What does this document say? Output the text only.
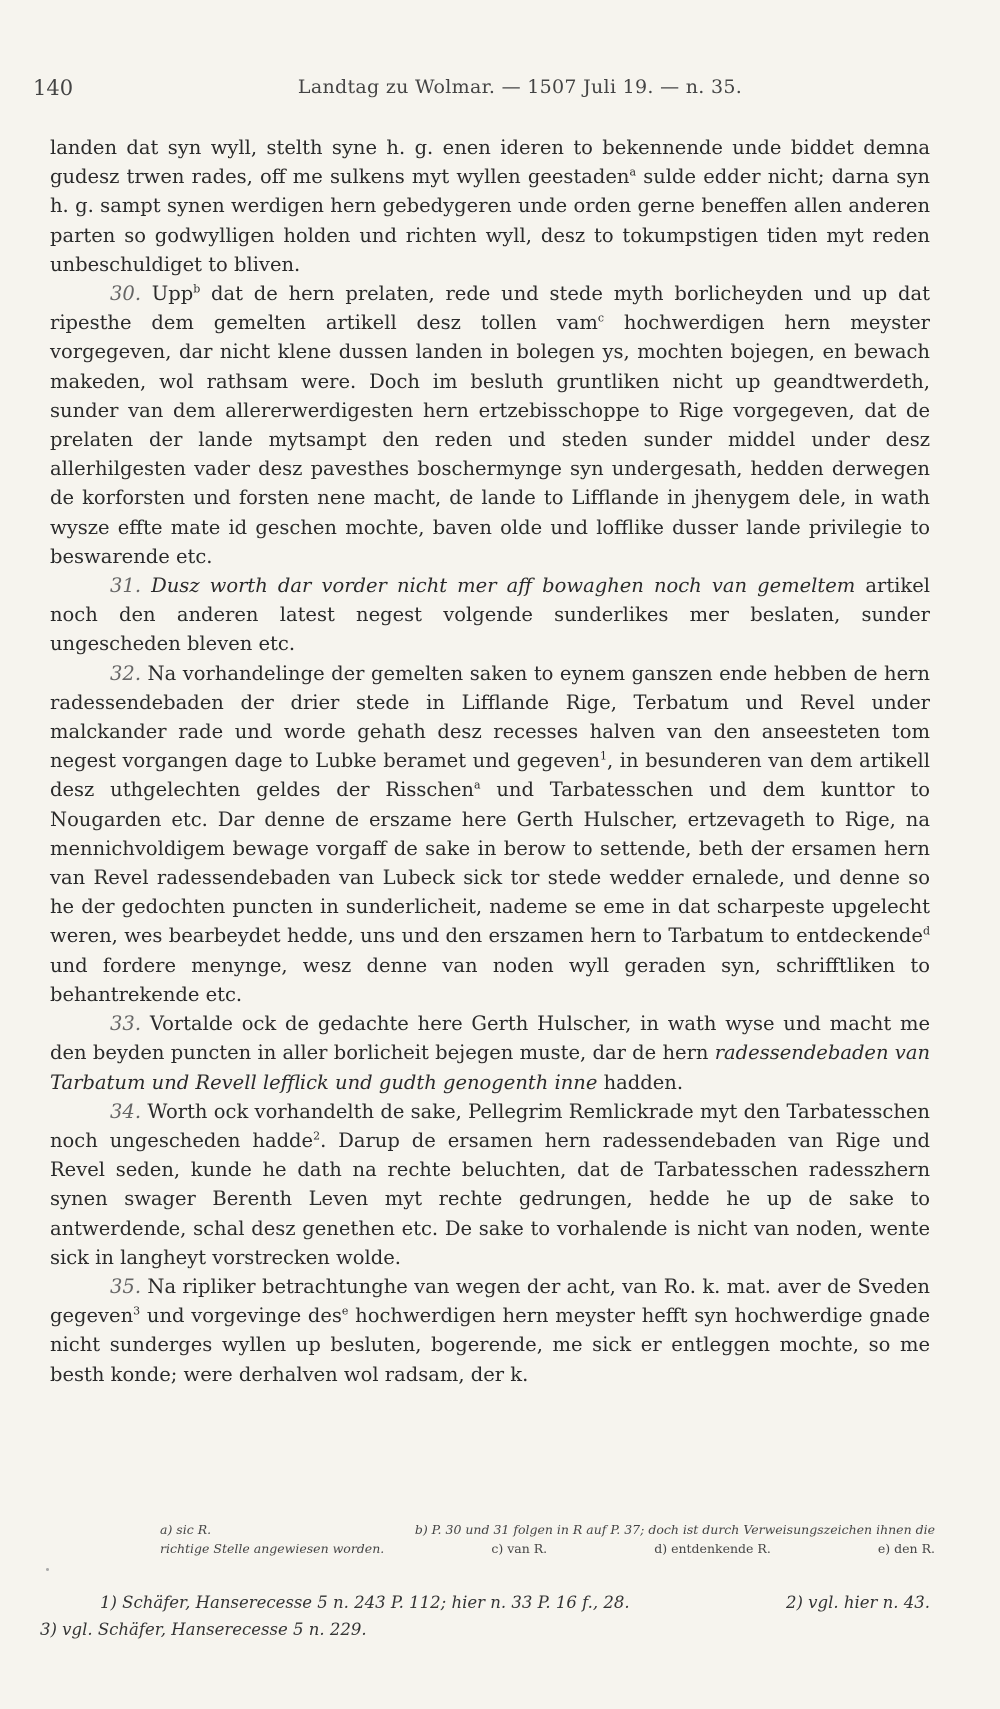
140	Landtag zu Wolmar. — 1507 Juli 19. — n. 35.

landen dat syn wyll, stelth syne h. g. enen ideren to bekennende unde biddet demna gudesz trwen rades, off me sulkens myt wyllen geestaden$^a$ sulde edder nicht; darna syn h. g. sampt synen werdigen hern gebedygeren unde orden gerne beneffen allen anderen parten so godwylligen holden und richten wyll, desz to tokumpstigen tiden myt reden unbeschuldiget to bliven.

30. Upp$^b$ dat de hern prelaten, rede und stede myth borlicheyden und up dat ripesthe dem gemelten artikell desz tollen vam$^c$ hochwerdigen hern meyster vorgegeven, dar nicht klene dussen landen in bolegen ys, mochten bojegen, en bewach makeden, wol rathsam were. Doch im besluth gruntliken nicht up geandtwerdeth, sunder van dem allererwerdigesten hern ertzebisschoppe to Rige vorgegeven, dat de prelaten der lande mytsampt den reden und steden sunder middel under desz allerhilgesten vader desz pavesthes boschermynge syn undergesath, hedden derwegen de korforsten und forsten nene macht, de lande to Lifflande in jhenygem dele, in wath wysze effte mate id geschen mochte, baven olde und lofflike dusser lande privilegie to beswarende etc.

31. Dusz worth dar vorder nicht mer aff bowaghen noch van gemeltem artikel noch den anderen latest negest volgende sunderlikes mer beslaten, sunder ungescheden bleven etc.

32. Na vorhandelinge der gemelten saken to eynem ganszen ende hebben de hern radessendebaden der drier stede in Lifflande Rige, Terbatum und Revel under malckander rade und worde gehath desz recesses halven van den anseesteten tom negest vorgangen dage to Lubke beramet und gegeven$^1$, in besunderen van dem artikell desz uthgelechten geldes der Risschen$^a$ und Tarbatesschen und dem kunttor to Nougarden etc. Dar denne de erszame here Gerth Hulscher, ertzevageth to Rige, na mennichvoldigem bewage vorgaff de sake in berow to settende, beth der ersamen hern van Revel radessendebaden van Lubeck sick tor stede wedder ernalede, und denne so he der gedochten puncten in sunderlicheit, nademe se eme in dat scharpeste upgelecht weren, wes bearbeydet hedde, uns und den erszamen hern to Tarbatum to entdeckende$^d$ und fordere menynge, wesz denne van noden wyll geraden syn, schrifftliken to behantrekende etc.

33. Vortalde ock de gedachte here Gerth Hulscher, in wath wyse und macht me den beyden puncten in aller borlicheit bejegen muste, dar de hern radessendebaden van Tarbatum und Revell lefflick und gudth genogenth inne hadden.

34. Worth ock vorhandelth de sake, Pellegrim Remlickrade myt den Tarbatesschen noch ungescheden hadde$^2$. Darup de ersamen hern radessendebaden van Rige und Revel seden, kunde he dath na rechte beluchten, dat de Tarbatesschen radesszhern synen swager Berenth Leven myt rechte gedrungen, hedde he up de sake to antwerdende, schal desz genethen etc. De sake to vorhalende is nicht van noden, wente sick in langheyt vorstrecken wolde.

35. Na ripliker betrachtunghe van wegen der acht, van Ro. k. mat. aver de Sveden gegeven$^3$ und vorgevinge des$^e$ hochwerdigen hern meyster hefft syn hochwerdige gnade nicht sunderges wyllen up besluten, bogerende, me sick er entleggen mochte, so me besth konde; were derhalven wol radsam, der k.

a) sic R.	b) P. 30 und 31 folgen in R auf P. 37; doch ist durch Verweisungszeichen ihnen die
richtige Stelle angewiesen worden.	c) van R.	d) entdenkende R.	e) den R.
1) Schäfer, Hanserecesse 5 n. 243 P. 112; hier n. 33 P. 16 f., 28.	2) vgl. hier n. 43.
3) vgl. Schäfer, Hanserecesse 5 n. 229.
